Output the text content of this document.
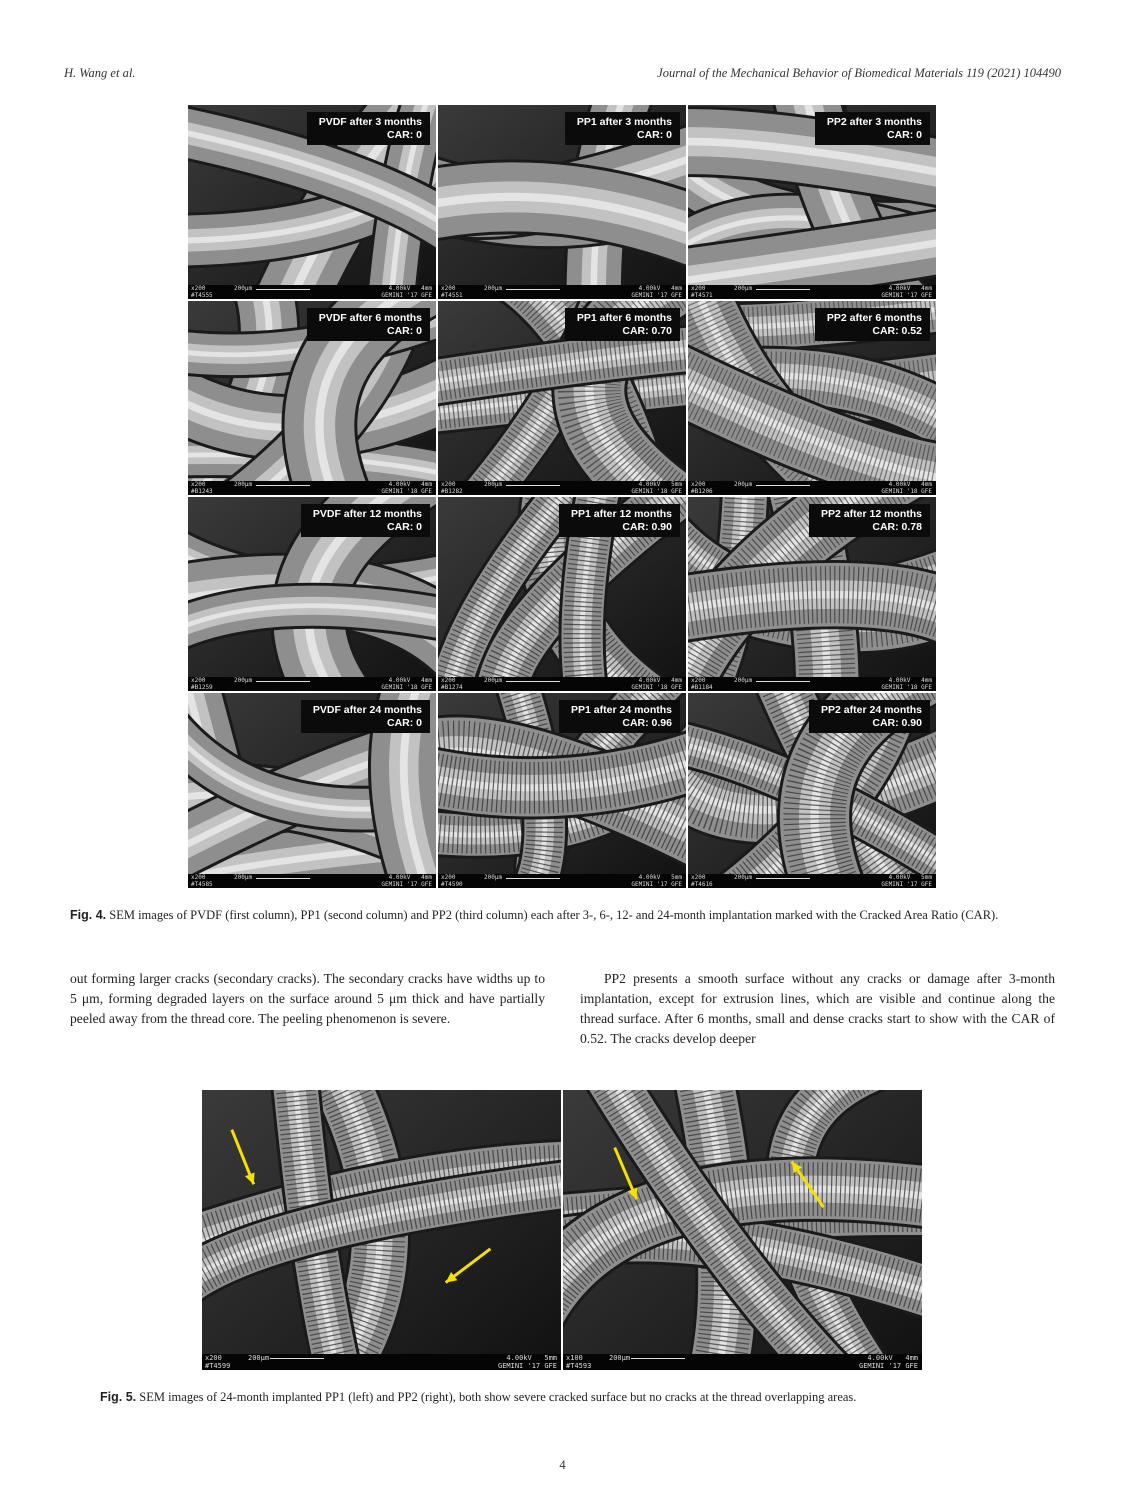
H. Wang et al.	Journal of the Mechanical Behavior of Biomedical Materials 119 (2021) 104490
PVDF after 3 months
CAR: 0
x200
#T4555
200µm	4.00kV   4mm
GEMINI '17 GFE
PP1 after 3 months
CAR: 0
x200
#T4551
200µm	4.00kV   4mm
GEMINI '17 GFE
PP2 after 3 months
CAR: 0
x200
#T4571
200µm	4.00kV   4mm
GEMINI '17 GFE
PVDF after 6 months
CAR: 0
x200
#B1243
200µm	4.00kV   4mm
GEMINI '18 GFE
PP1 after 6 months
CAR: 0.70
x200
#B1282
200µm	4.00kV   5mm
GEMINI '18 GFE
PP2 after 6 months
CAR: 0.52
x200
#B1206
200µm	4.00kV   4mm
GEMINI '18 GFE
PVDF after 12 months
CAR: 0
x200
#B1259
200µm	4.00kV   4mm
GEMINI '18 GFE
PP1 after 12 months
CAR: 0.90
x200
#B1274
200µm	4.00kV   4mm
GEMINI '18 GFE
PP2 after 12 months
CAR: 0.78
x200
#B1184
200µm	4.00kV   4mm
GEMINI '18 GFE
PVDF after 24 months
CAR: 0
x200
#T4585
200µm	4.00kV   4mm
GEMINI '17 GFE
PP1 after 24 months
CAR: 0.96
x200
#T4590
200µm	4.00kV   5mm
GEMINI '17 GFE
PP2 after 24 months
CAR: 0.90
x200
#T4616
200µm	4.00kV   5mm
GEMINI '17 GFE
Fig. 4. SEM images of PVDF (first column), PP1 (second column) and PP2 (third column) each after 3-, 6-, 12- and 24-month implantation marked with the Cracked Area Ratio (CAR).

out forming larger cracks (secondary cracks). The secondary cracks have widths up to 5 μm, forming degraded layers on the surface around 5 μm thick and have partially peeled away from the thread core. The peeling phenomenon is severe.

PP2 presents a smooth surface without any cracks or damage after 3-month implantation, except for extrusion lines, which are visible and continue along the thread surface. After 6 months, small and dense cracks start to show with the CAR of 0.52. The cracks develop deeper

x200
#T4599
200µm	4.00kV   5mm
GEMINI '17 GFE
x100
#T4593
200µm	4.00kV   4mm
GEMINI '17 GFE
Fig. 5. SEM images of 24-month implanted PP1 (left) and PP2 (right), both show severe cracked surface but no cracks at the thread overlapping areas.
4
